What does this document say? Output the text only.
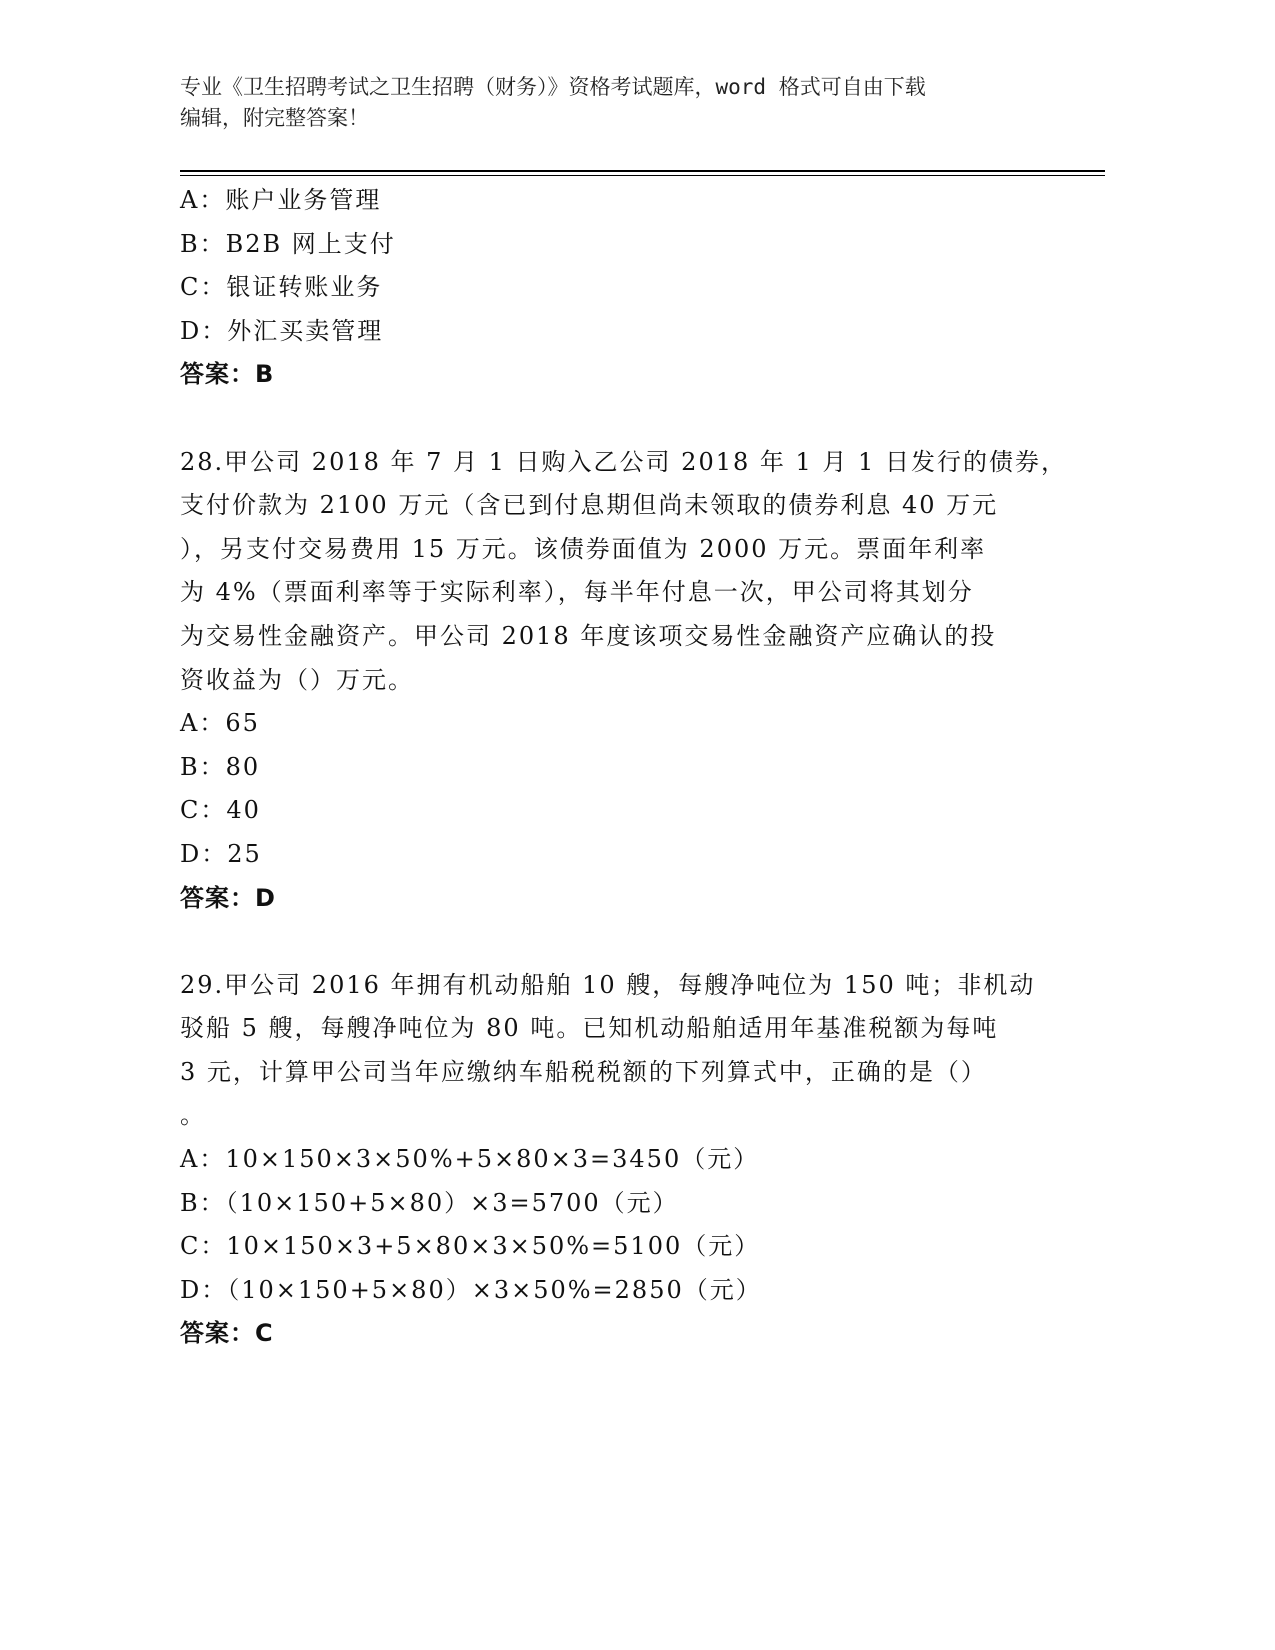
专业《卫生招聘考试之卫生招聘（财务）》资格考试题库，word 格式可自由下载
编辑，附完整答案！
A：账户业务管理
B：B2B 网上支付
C：银证转账业务
D：外汇买卖管理
答案：B
28.甲公司 2018 年 7 月 1 日购入乙公司 2018 年 1 月 1 日发行的债券，
支付价款为 2100 万元（含已到付息期但尚未领取的债券利息 40 万元
），另支付交易费用 15 万元。该债券面值为 2000 万元。票面年利率
为 4%（票面利率等于实际利率），每半年付息一次，甲公司将其划分
为交易性金融资产。甲公司 2018 年度该项交易性金融资产应确认的投
资收益为（）万元。
A：65
B：80
C：40
D：25
答案：D
29.甲公司 2016 年拥有机动船舶 10 艘，每艘净吨位为 150 吨；非机动
驳船 5 艘，每艘净吨位为 80 吨。已知机动船舶适用年基准税额为每吨
3 元，计算甲公司当年应缴纳车船税税额的下列算式中，正确的是（）
。
A：10×150×3×50%+5×80×3=3450（元）
B：（10×150+5×80）×3=5700（元）
C：10×150×3+5×80×3×50%=5100（元）
D：（10×150+5×80）×3×50%=2850（元）
答案：C
